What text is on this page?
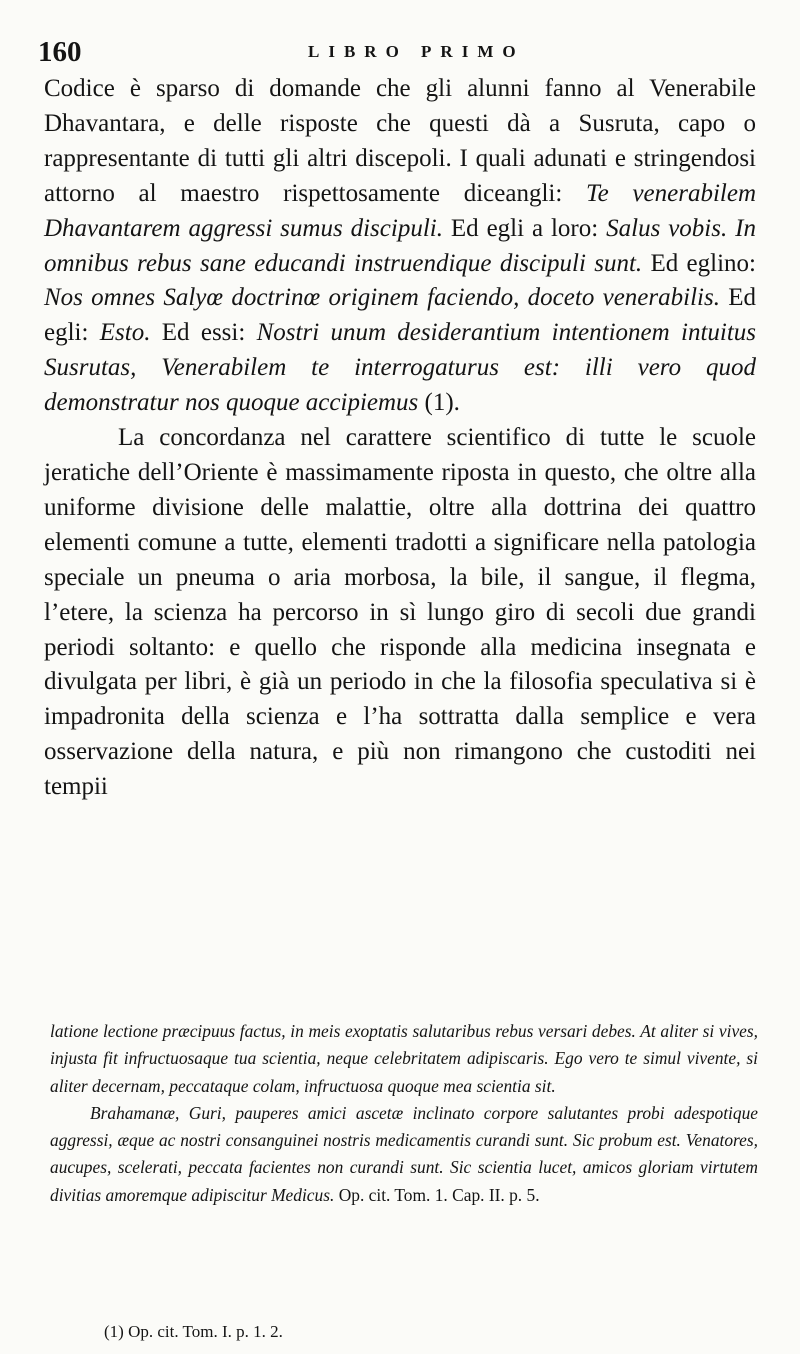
160	LIBRO PRIMO

Codice è sparso di domande che gli alunni fanno al Venerabile Dhavantara, e delle risposte che questi dà a Susruta, capo o rappresentante di tutti gli altri discepoli. I quali adunati e stringendosi attorno al maestro rispettosamente diceangli: Te venerabilem Dhavantarem aggressi sumus discipuli. Ed egli a loro: Salus vobis. In omnibus rebus sane educandi instruendique discipuli sunt. Ed eglino: Nos omnes Salyœ doctrinœ originem faciendo, doceto venerabilis. Ed egli: Esto. Ed essi: Nostri unum desiderantium intentionem intuitus Susrutas, Venerabilem te interrogaturus est: illi vero quod demonstratur nos quoque accipiemus (1).

La concordanza nel carattere scientifico di tutte le scuole jeratiche dell’Oriente è massimamente riposta in questo, che oltre alla uniforme divisione delle malattie, oltre alla dottrina dei quattro elementi comune a tutte, elementi tradotti a significare nella patologia speciale un pneuma o aria morbosa, la bile, il sangue, il flegma, l’etere, la scienza ha percorso in sì lungo giro di secoli due grandi periodi soltanto: e quello che risponde alla medicina insegnata e divulgata per libri, è già un periodo in che la filosofia speculativa si è impadronita della scienza e l’ha sottratta dalla semplice e vera osservazione della natura, e più non rimangono che custoditi nei tempii

latione lectione præcipuus factus, in meis exoptatis salutaribus rebus versari debes. At aliter si vives, injusta fit infructuosaque tua scientia, neque celebritatem adipiscaris. Ego vero te simul vivente, si aliter decernam, peccataque colam, infructuosa quoque mea scientia sit.

Brahamanæ, Guri, pauperes amici ascetæ inclinato corpore salutantes probi adespotique aggressi, æque ac nostri consanguinei nostris medicamentis curandi sunt. Sic probum est. Venatores, aucupes, scelerati, peccata facientes non curandi sunt. Sic scientia lucet, amicos gloriam virtutem divitias amoremque adipiscitur Medicus. Op. cit. Tom. 1. Cap. II. p. 5.

(1) Op. cit. Tom. I. p. 1. 2.
